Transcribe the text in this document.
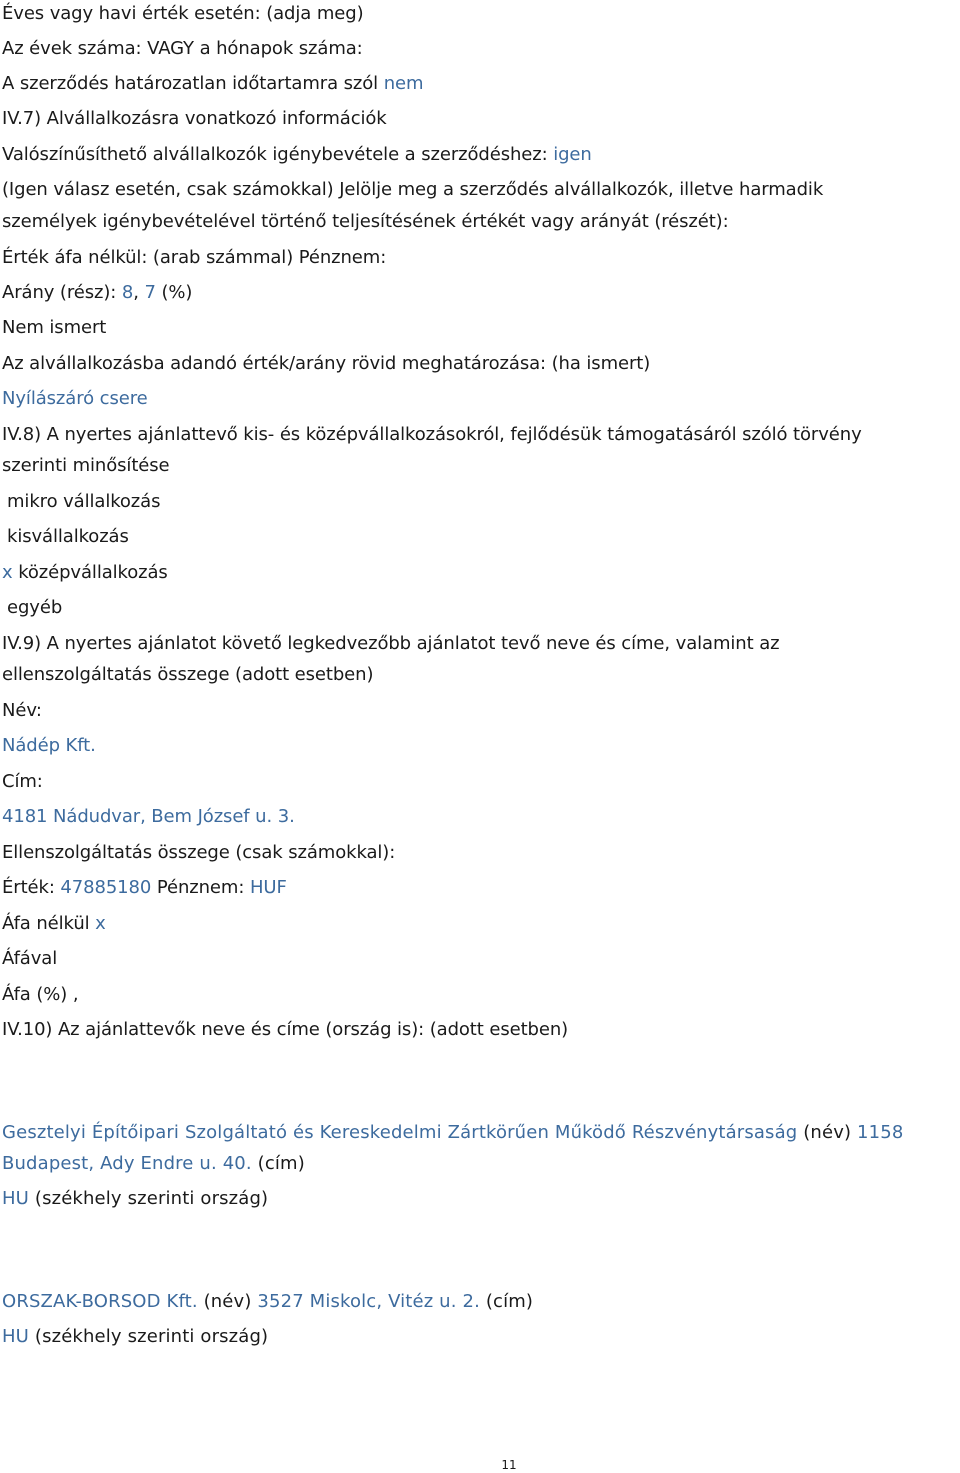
Éves vagy havi érték esetén: (adja meg)
Az évek száma: VAGY a hónapok száma:
A szerződés határozatlan időtartamra szól nem
IV.7) Alvállalkozásra vonatkozó információk
Valószínűsíthető alvállalkozók igénybevétele a szerződéshez: igen
(Igen válasz esetén, csak számokkal) Jelölje meg a szerződés alvállalkozók, illetve harmadik
személyek igénybevételével történő teljesítésének értékét vagy arányát (részét):
Érték áfa nélkül: (arab számmal) Pénznem:
Arány (rész): 8, 7 (%)
Nem ismert
Az alvállalkozásba adandó érték/arány rövid meghatározása: (ha ismert)
Nyílászáró csere
IV.8) A nyertes ajánlattevő kis- és középvállalkozásokról, fejlődésük támogatásáról szóló törvény
szerinti minősítése
mikro vállalkozás
kisvállalkozás
x középvállalkozás
egyéb
IV.9) A nyertes ajánlatot követő legkedvezőbb ajánlatot tevő neve és címe, valamint az
ellenszolgáltatás összege (adott esetben)
Név:
Nádép Kft.
Cím:
4181 Nádudvar, Bem József u. 3.
Ellenszolgáltatás összege (csak számokkal):
Érték: 47885180 Pénznem: HUF
Áfa nélkül x
Áfával
Áfa (%) ,
IV.10) Az ajánlattevők neve és címe (ország is): (adott esetben)
Gesztelyi Építőipari Szolgáltató és Kereskedelmi Zártkörűen Működő Részvénytársaság (név) 1158
Budapest, Ady Endre u. 40. (cím)
HU (székhely szerinti ország)
ORSZAK-BORSOD Kft. (név) 3527 Miskolc, Vitéz u. 2. (cím)
HU (székhely szerinti ország)
11
